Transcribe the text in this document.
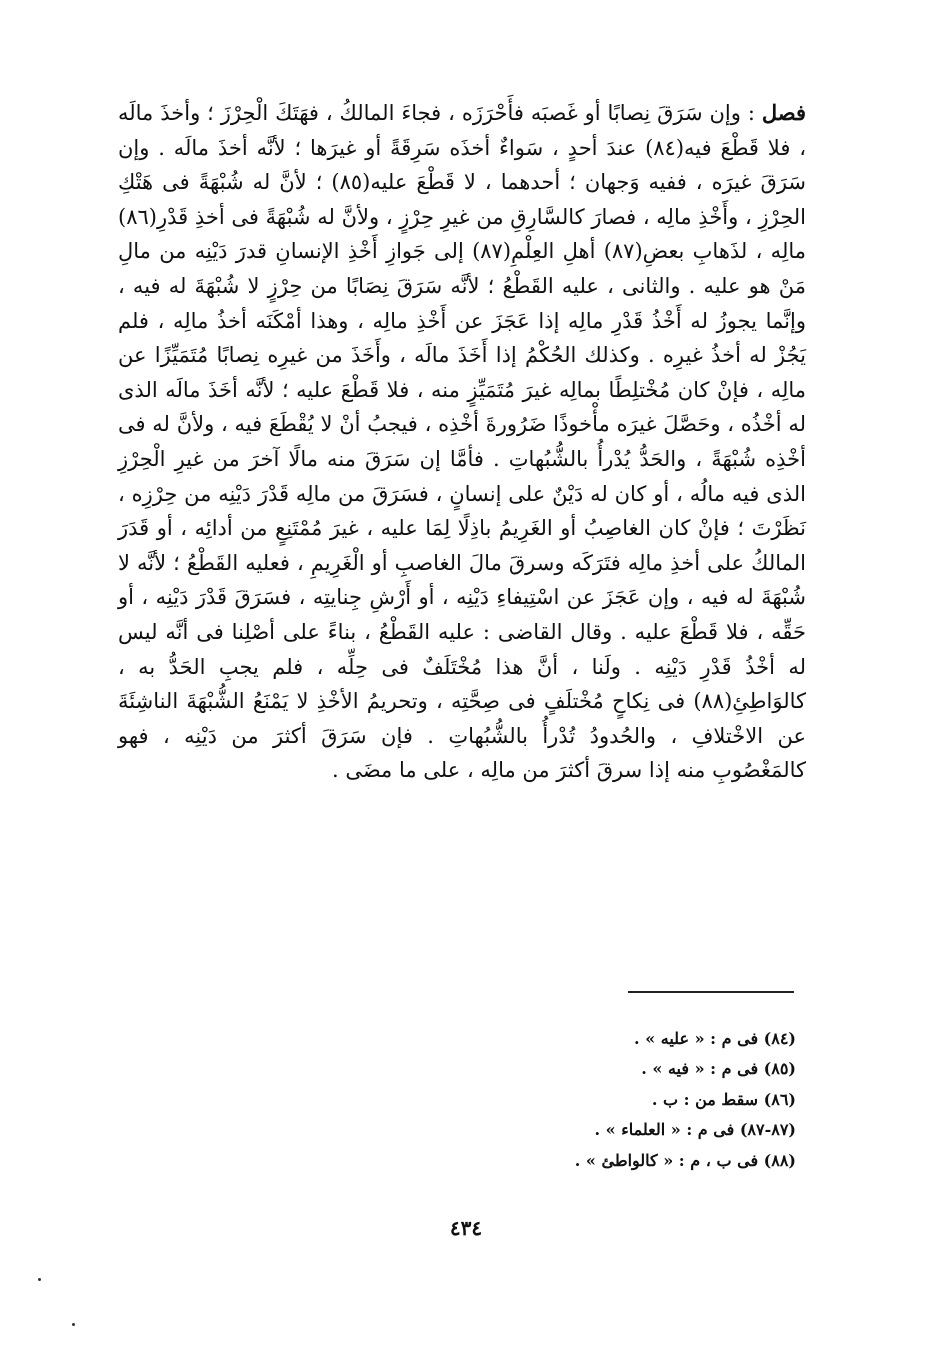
فصل : وإن سَرَقَ نِصابًا أو غَصبَه فأَحْرَزَه ، فجاءَ المالكُ ، فهَتَكَ الْحِرْزَ ؛ وأخذَ مالَه ، فلا قَطْعَ فيه(٨٤) عندَ أحدٍ ، سَواءٌ أخذَه سَرِقَةً أو غيرَها ؛ لأنَّه أخذَ مالَه . وإن سَرَقَ غيرَه ، ففيه وَجهان ؛ أحدهما ، لا قَطْعَ عليه(٨٥) ؛ لأنَّ له شُبْهَةً فى هَتْكِ الحِرْزِ ، وأَخْذِ مالِه ، فصارَ كالسَّارِقِ من غيرِ حِرْزٍ ، ولأنَّ له شُبْهَةً فى أخذِ قَدْرِ(٨٦) مالِه ، لذَهابِ بعضِ(٨٧) أهلِ العِلْمِ(٨٧) إلى جَوازِ أَخْذِ الإنسانِ قدرَ دَيْنِه من مالِ مَنْ هو عليه . والثانى ، عليه القَطْعُ ؛ لأنَّه سَرَقَ نِصَابًا من حِرْزٍ لا شُبْهَةَ له فيه ، وإنَّما يجوزُ له أَخْذُ قَدْرِ مالِه إذا عَجَزَ عن أَخْذِ مالِه ، وهذا أمْكَنَه أخذُ مالِه ، فلم يَجُزْ له أخذُ غيرِه . وكذلك الحُكْمُ إذا أَخَذَ مالَه ، وأَخَذَ من غيرِه نِصابًا مُتَمَيِّزًا عن مالِه ، فإنْ كان مُخْتلِطًا بمالِه غيرَ مُتَمَيِّزٍ منه ، فلا قَطْعَ عليه ؛ لأنَّه أخَذَ مالَه الذى له أخْذُه ، وحَصَّلَ غيرَه مأْخوذًا ضَرُورةَ أخْذِه ، فيجبُ أنْ لا يُقْطَعَ فيه ، ولأنَّ له فى أخْذِه شُبْهَةً ، والحَدُّ يُدْرأُ بالشُّبُهاتِ . فأمَّا إن سَرَقَ منه مالًا آخرَ من غيرِ الْحِرْزِ الذى فيه مالُه ، أو كان له دَيْنٌ على إنسانٍ ، فسَرَقَ من مالِه قَدْرَ دَيْنِه من حِرْزِه ، نَظَرْتَ ؛ فإنْ كان الغاصِبُ أو الغَرِيمُ باذِلًا لِمَا عليه ، غيرَ مُمْتَنِعٍ من أدائِه ، أو قَدَرَ المالكُ على أخذِ مالِه فتَرَكَه وسرقَ مالَ الغاصبِ أو الْغَرِيمِ ، فعليه القَطْعُ ؛ لأنَّه لا شُبْهَةَ له فيه ، وإن عَجَزَ عن اسْتِيفاءِ دَيْنِه ، أو أَرْشِ جِنايتِه ، فسَرَقَ قَدْرَ دَيْنِه ، أو حَقِّه ، فلا قَطْعَ عليه . وقال القاضى : عليه القَطْعُ ، بناءً على أصْلِنا فى أنَّه ليس له أخْذُ قَدْرِ دَيْنِه . ولَنا ، أنَّ هذا مُخْتَلَفٌ فى حِلِّه ، فلم يجبِ الحَدُّ به ، كالوَاطِئِ(٨٨) فى نِكاحٍ مُخْتلَفٍ فى صِحَّتِه ، وتحريمُ الأخْذِ لا يَمْنَعُ الشُّبْهَةَ الناشِئَةَ عن الاخْتلافِ ، والحُدودُ تُدْرأُ بالشُّبُهاتِ . فإن سَرَقَ أكثرَ من دَيْنِه ، فهو كالمَغْصُوبِ منه إذا سرقَ أكثرَ من مالِه ، على ما مضَى .

(٨٤) فى م : « عليه » .

(٨٥) فى م : « فيه » .

(٨٦) سقط من : ب .

(٨٧-٨٧) فى م : « العلماء » .

(٨٨) فى ب ، م : « كالواطئ » .

٤٣٤
